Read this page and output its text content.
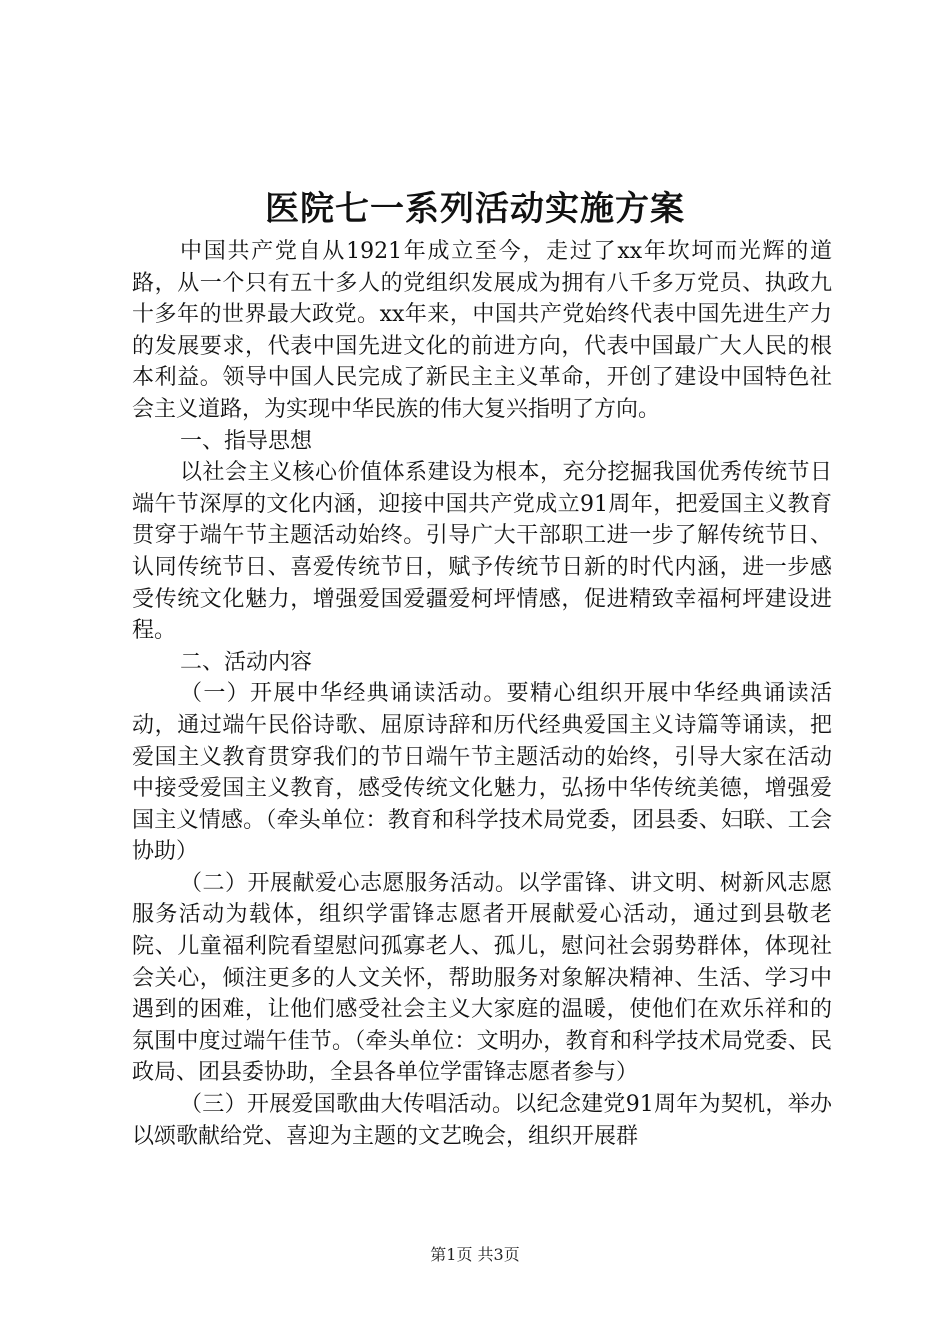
医院七一系列活动实施方案

中国共产党自从1921年成立至今，走过了xx年坎坷而光辉的道路，从一个只有五十多人的党组织发展成为拥有八千多万党员、执政九十多年的世界最大政党。xx年来，中国共产党始终代表中国先进生产力的发展要求，代表中国先进文化的前进方向，代表中国最广大人民的根本利益。领导中国人民完成了新民主主义革命，开创了建设中国特色社会主义道路，为实现中华民族的伟大复兴指明了方向。

一、指导思想

以社会主义核心价值体系建设为根本，充分挖掘我国优秀传统节日端午节深厚的文化内涵，迎接中国共产党成立91周年，把爱国主义教育贯穿于端午节主题活动始终。引导广大干部职工进一步了解传统节日、认同传统节日、喜爱传统节日，赋予传统节日新的时代内涵，进一步感受传统文化魅力，增强爱国爱疆爱柯坪情感，促进精致幸福柯坪建设进程。

二、活动内容

（一）开展中华经典诵读活动。要精心组织开展中华经典诵读活动，通过端午民俗诗歌、屈原诗辞和历代经典爱国主义诗篇等诵读，把爱国主义教育贯穿我们的节日端午节主题活动的始终，引导大家在活动中接受爱国主义教育，感受传统文化魅力，弘扬中华传统美德，增强爱国主义情感。（牵头单位：教育和科学技术局党委，团县委、妇联、工会协助）

（二）开展献爱心志愿服务活动。以学雷锋、讲文明、树新风志愿服务活动为载体，组织学雷锋志愿者开展献爱心活动，通过到县敬老院、儿童福利院看望慰问孤寡老人、孤儿，慰问社会弱势群体，体现社会关心，倾注更多的人文关怀，帮助服务对象解决精神、生活、学习中遇到的困难，让他们感受社会主义大家庭的温暖，使他们在欢乐祥和的氛围中度过端午佳节。（牵头单位：文明办，教育和科学技术局党委、民政局、团县委协助，全县各单位学雷锋志愿者参与）

（三）开展爱国歌曲大传唱活动。以纪念建党91周年为契机，举办以颂歌献给党、喜迎为主题的文艺晚会，组织开展群

第1页 共3页
